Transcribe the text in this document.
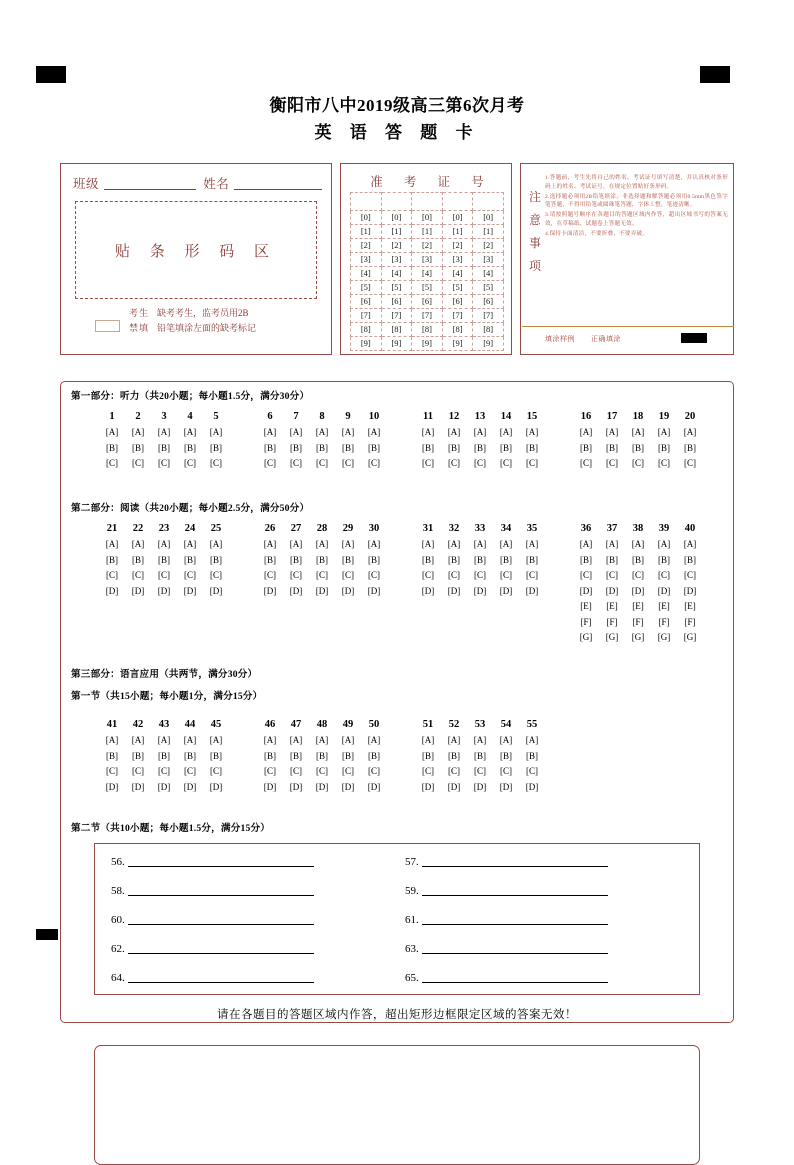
衡阳市八中2019级高三第6次月考
英 语 答 题 卡
班级	姓名
贴 条 形 码 区
考生 缺考考生，监考员用2B
禁填 铅笔填涂左面的缺考标记
准 考 证 号

[0]	[0]	[0]	[0]	[0]
[1]	[1]	[1]	[1]	[1]
[2]	[2]	[2]	[2]	[2]
[3]	[3]	[3]	[3]	[3]
[4]	[4]	[4]	[4]	[4]
[5]	[5]	[5]	[5]	[5]
[6]	[6]	[6]	[6]	[6]
[7]	[7]	[7]	[7]	[7]
[8]	[8]	[8]	[8]	[8]
[9]	[9]	[9]	[9]	[9]
注
意
事
项
1.答题前，考生先将自己的姓名、考试证号填写清楚，并认真核对条形码上的姓名、考试证号，在规定位置贴好条形码。
2.选择题必须用2B铅笔填涂，非选择题和解答题必须用0.5mm黑色签字笔答题，不得用铅笔或圆珠笔答题，字体工整，笔迹清晰。
3.请按照题号顺序在各题目的答题区域内作答，超出区域书写的答案无效，在草稿纸、试题卷上答题无效。
4.保持卡面清洁，不要折叠，不要弄破。
填涂样例 正确填涂
第一部分：听力（共20小题；每小题1.5分，满分30分）
1	2	3	4	5
[A]	[A]	[A]	[A]	[A]
[B]	[B]	[B]	[B]	[B]
[C]	[C]	[C]	[C]	[C]
6	7	8	9	10
[A]	[A]	[A]	[A]	[A]
[B]	[B]	[B]	[B]	[B]
[C]	[C]	[C]	[C]	[C]
11	12	13	14	15
[A]	[A]	[A]	[A]	[A]
[B]	[B]	[B]	[B]	[B]
[C]	[C]	[C]	[C]	[C]
16	17	18	19	20
[A]	[A]	[A]	[A]	[A]
[B]	[B]	[B]	[B]	[B]
[C]	[C]	[C]	[C]	[C]
第二部分：阅读（共20小题；每小题2.5分，满分50分）
21	22	23	24	25
[A]	[A]	[A]	[A]	[A]
[B]	[B]	[B]	[B]	[B]
[C]	[C]	[C]	[C]	[C]
[D]	[D]	[D]	[D]	[D]
26	27	28	29	30
[A]	[A]	[A]	[A]	[A]
[B]	[B]	[B]	[B]	[B]
[C]	[C]	[C]	[C]	[C]
[D]	[D]	[D]	[D]	[D]
31	32	33	34	35
[A]	[A]	[A]	[A]	[A]
[B]	[B]	[B]	[B]	[B]
[C]	[C]	[C]	[C]	[C]
[D]	[D]	[D]	[D]	[D]
36	37	38	39	40
[A]	[A]	[A]	[A]	[A]
[B]	[B]	[B]	[B]	[B]
[C]	[C]	[C]	[C]	[C]
[D]	[D]	[D]	[D]	[D]
[E]	[E]	[E]	[E]	[E]
[F]	[F]	[F]	[F]	[F]
[G]	[G]	[G]	[G]	[G]
第三部分：语言应用（共两节，满分30分）
第一节（共15小题；每小题1分，满分15分）
41	42	43	44	45
[A]	[A]	[A]	[A]	[A]
[B]	[B]	[B]	[B]	[B]
[C]	[C]	[C]	[C]	[C]
[D]	[D]	[D]	[D]	[D]
46	47	48	49	50
[A]	[A]	[A]	[A]	[A]
[B]	[B]	[B]	[B]	[B]
[C]	[C]	[C]	[C]	[C]
[D]	[D]	[D]	[D]	[D]
51	52	53	54	55
[A]	[A]	[A]	[A]	[A]
[B]	[B]	[B]	[B]	[B]
[C]	[C]	[C]	[C]	[C]
[D]	[D]	[D]	[D]	[D]
第二节（共10小题；每小题1.5分，满分15分）
56.	57.
58.	59.
60.	61.
62.	63.
64.	65.
请在各题目的答题区域内作答，超出矩形边框限定区域的答案无效！
